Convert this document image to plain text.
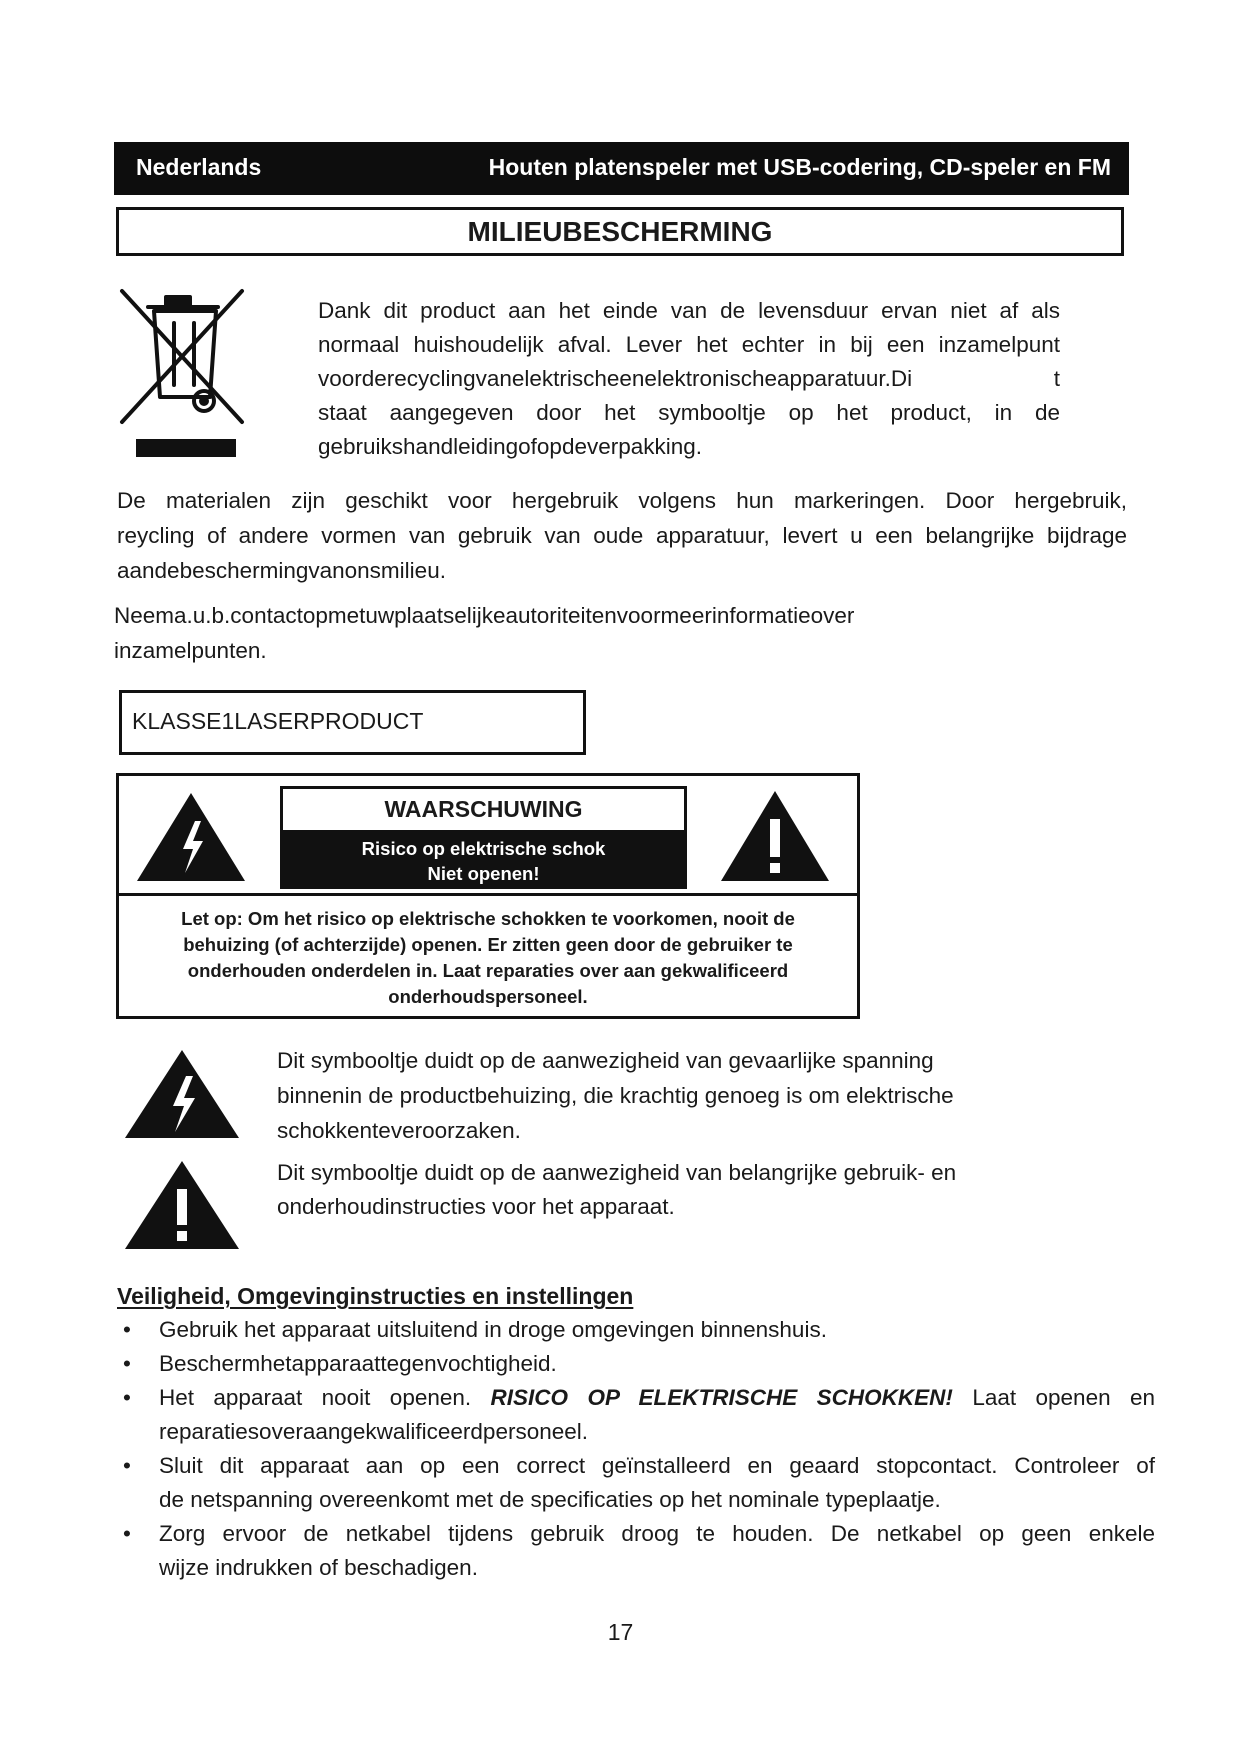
Nederlands	Houten platenspeler met USB-codering, CD-speler en FM
MILIEUBESCHERMING
Dank dit product aan het einde van de levensduur ervan niet af als
normaal huishoudelijk afval. Lever het echter in bij een inzamelpunt
voorderecyclingvanelektrischeenelektronischeapparatuur.Di                t
staat aangegeven door het symbooltje op het product, in de
gebruikshandleidingofopdeverpakking.
De materialen zijn geschikt voor hergebruik volgens hun markeringen. Door hergebruik,
reycling of andere vormen van gebruik van oude apparatuur, levert u een belangrijke bijdrage
aandebeschermingvanonsmilieu.
Neema.u.b.contactopmetuwplaatselijkeautoriteitenvoormeerinformatieover
inzamelpunten.
KLASSE1LASERPRODUCT
WAARSCHUWING
Risico op elektrische schok
Niet openen!
Let op: Om het risico op elektrische schokken te voorkomen, nooit de
behuizing (of achterzijde) openen. Er zitten geen door de gebruiker te
onderhouden onderdelen in. Laat reparaties over aan gekwalificeerd
onderhoudspersoneel.
Dit symbooltje duidt op de aanwezigheid van gevaarlijke spanning
binnenin de productbehuizing, die krachtig genoeg is om elektrische
schokkenteveroorzaken.
Dit symbooltje duidt op de aanwezigheid van belangrijke gebruik- en
onderhoudinstructies voor het apparaat.
Veiligheid, Omgevinginstructies en instellingen
• Gebruik het apparaat uitsluitend in droge omgevingen binnenshuis.
• Beschermhetapparaattegenvochtigheid.
• Het apparaat nooit openen. RISICO OP ELEKTRISCHE SCHOKKEN! Laat openen en
reparatiesoveraangekwalificeerdpersoneel.
• Sluit dit apparaat aan op een correct geïnstalleerd en geaard stopcontact. Controleer of
de netspanning overeenkomt met de specificaties op het nominale typeplaatje.
• Zorg ervoor de netkabel tijdens gebruik droog te houden. De netkabel op geen enkele
wijze indrukken of beschadigen.
17
